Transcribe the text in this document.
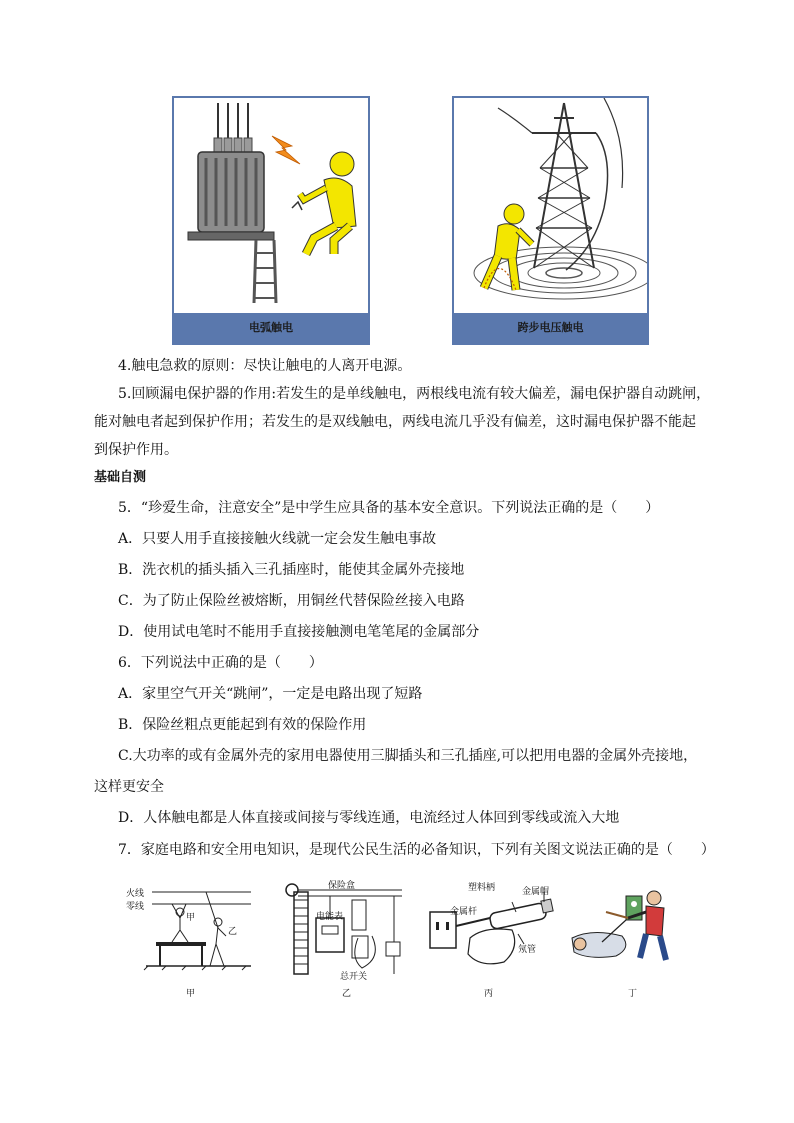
电弧触电	跨步电压触电
4.触电急救的原则：尽快让触电的人离开电源。
5.回顾漏电保护器的作用:若发生的是单线触电，两根线电流有较大偏差，漏电保护器自动跳闸，
能对触电者起到保护作用；若发生的是双线触电，两线电流几乎没有偏差，这时漏电保护器不能起
到保护作用。
基础自测
5．“珍爱生命，注意安全”是中学生应具备的基本安全意识。下列说法正确的是（　　）
A．只要人用手直接接触火线就一定会发生触电事故
B．洗衣机的插头插入三孔插座时，能使其金属外壳接地
C．为了防止保险丝被熔断，用铜丝代替保险丝接入电路
D．使用试电笔时不能用手直接接触测电笔笔尾的金属部分
6．下列说法中正确的是（　　）
A．家里空气开关“跳闸”，一定是电路出现了短路
B．保险丝粗点更能起到有效的保险作用
C.大功率的或有金属外壳的家用电器使用三脚插头和三孔插座,可以把用电器的金属外壳接地，
这样更安全
D．人体触电都是人体直接或间接与零线连通，电流经过人体回到零线或流入大地
7．家庭电路和安全用电知识，是现代公民生活的必备知识，下列有关图文说法正确的是（　　）
火线
零线
甲
乙
甲
保险盒
电能表
总开关
乙
塑料柄	金属帽
金属杆
氖管
丙	丁
